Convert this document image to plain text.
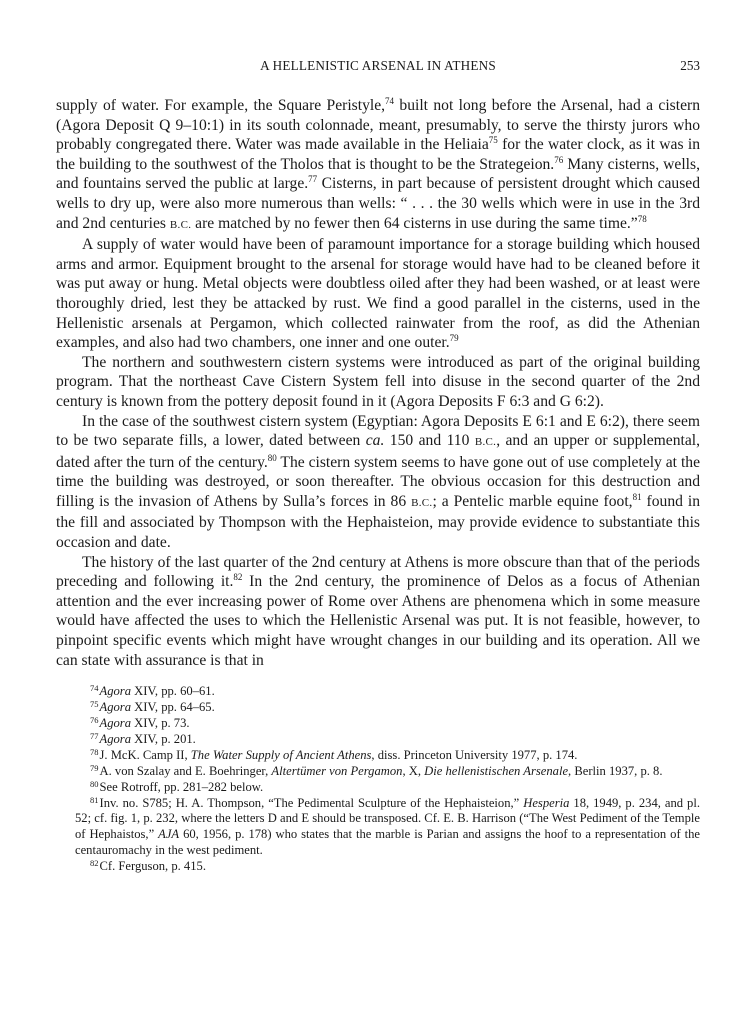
A HELLENISTIC ARSENAL IN ATHENS	253

supply of water. For example, the Square Peristyle,$^{74}$ built not long before the Arsenal, had a cistern (Agora Deposit Q 9–10:1) in its south colonnade, meant, presumably, to serve the thirsty jurors who probably congregated there. Water was made available in the Heliaia$^{75}$ for the water clock, as it was in the building to the southwest of the Tholos that is thought to be the Strategeion.$^{76}$ Many cisterns, wells, and fountains served the public at large.$^{77}$ Cisterns, in part because of persistent drought which caused wells to dry up, were also more numerous than wells: “ . . . the 30 wells which were in use in the 3rd and 2nd centuries B.C. are matched by no fewer then 64 cisterns in use during the same time.”$^{78}$

A supply of water would have been of paramount importance for a storage building which housed arms and armor. Equipment brought to the arsenal for storage would have had to be cleaned before it was put away or hung. Metal objects were doubtless oiled after they had been washed, or at least were thoroughly dried, lest they be attacked by rust. We find a good parallel in the cisterns, used in the Hellenistic arsenals at Pergamon, which collected rainwater from the roof, as did the Athenian examples, and also had two chambers, one inner and one outer.$^{79}$

The northern and southwestern cistern systems were introduced as part of the original building program. That the northeast Cave Cistern System fell into disuse in the second quarter of the 2nd century is known from the pottery deposit found in it (Agora Deposits F 6:3 and G 6:2).

In the case of the southwest cistern system (Egyptian: Agora Deposits E 6:1 and E 6:2), there seem to be two separate fills, a lower, dated between ca. 150 and 110 B.C., and an upper or supplemental, dated after the turn of the century.$^{80}$ The cistern system seems to have gone out of use completely at the time the building was destroyed, or soon thereafter. The obvious occasion for this destruction and filling is the invasion of Athens by Sulla’s forces in 86 B.C.; a Pentelic marble equine foot,$^{81}$ found in the fill and associated by Thompson with the Hephaisteion, may provide evidence to substantiate this occasion and date.

The history of the last quarter of the 2nd century at Athens is more obscure than that of the periods preceding and following it.$^{82}$ In the 2nd century, the prominence of Delos as a focus of Athenian attention and the ever increasing power of Rome over Athens are phenomena which in some measure would have affected the uses to which the Hellenistic Arsenal was put. It is not feasible, however, to pinpoint specific events which might have wrought changes in our building and its operation. All we can state with assurance is that in

$^{74}$Agora XIV, pp. 60–61.
$^{75}$Agora XIV, pp. 64–65.
$^{76}$Agora XIV, p. 73.
$^{77}$Agora XIV, p. 201.
$^{78}$J. McK. Camp II, The Water Supply of Ancient Athens, diss. Princeton University 1977, p. 174.
$^{79}$A. von Szalay and E. Boehringer, Altertümer von Pergamon, X, Die hellenistischen Arsenale, Berlin 1937, p. 8.
$^{80}$See Rotroff, pp. 281–282 below.
$^{81}$Inv. no. S785; H. A. Thompson, “The Pedimental Sculpture of the Hephaisteion,” Hesperia 18, 1949, p. 234, and pl. 52; cf. fig. 1, p. 232, where the letters D and E should be transposed. Cf. E. B. Harrison (“The West Pediment of the Temple of Hephaistos,” AJA 60, 1956, p. 178) who states that the marble is Parian and assigns the hoof to a representation of the centauromachy in the west pediment.
$^{82}$Cf. Ferguson, p. 415.
